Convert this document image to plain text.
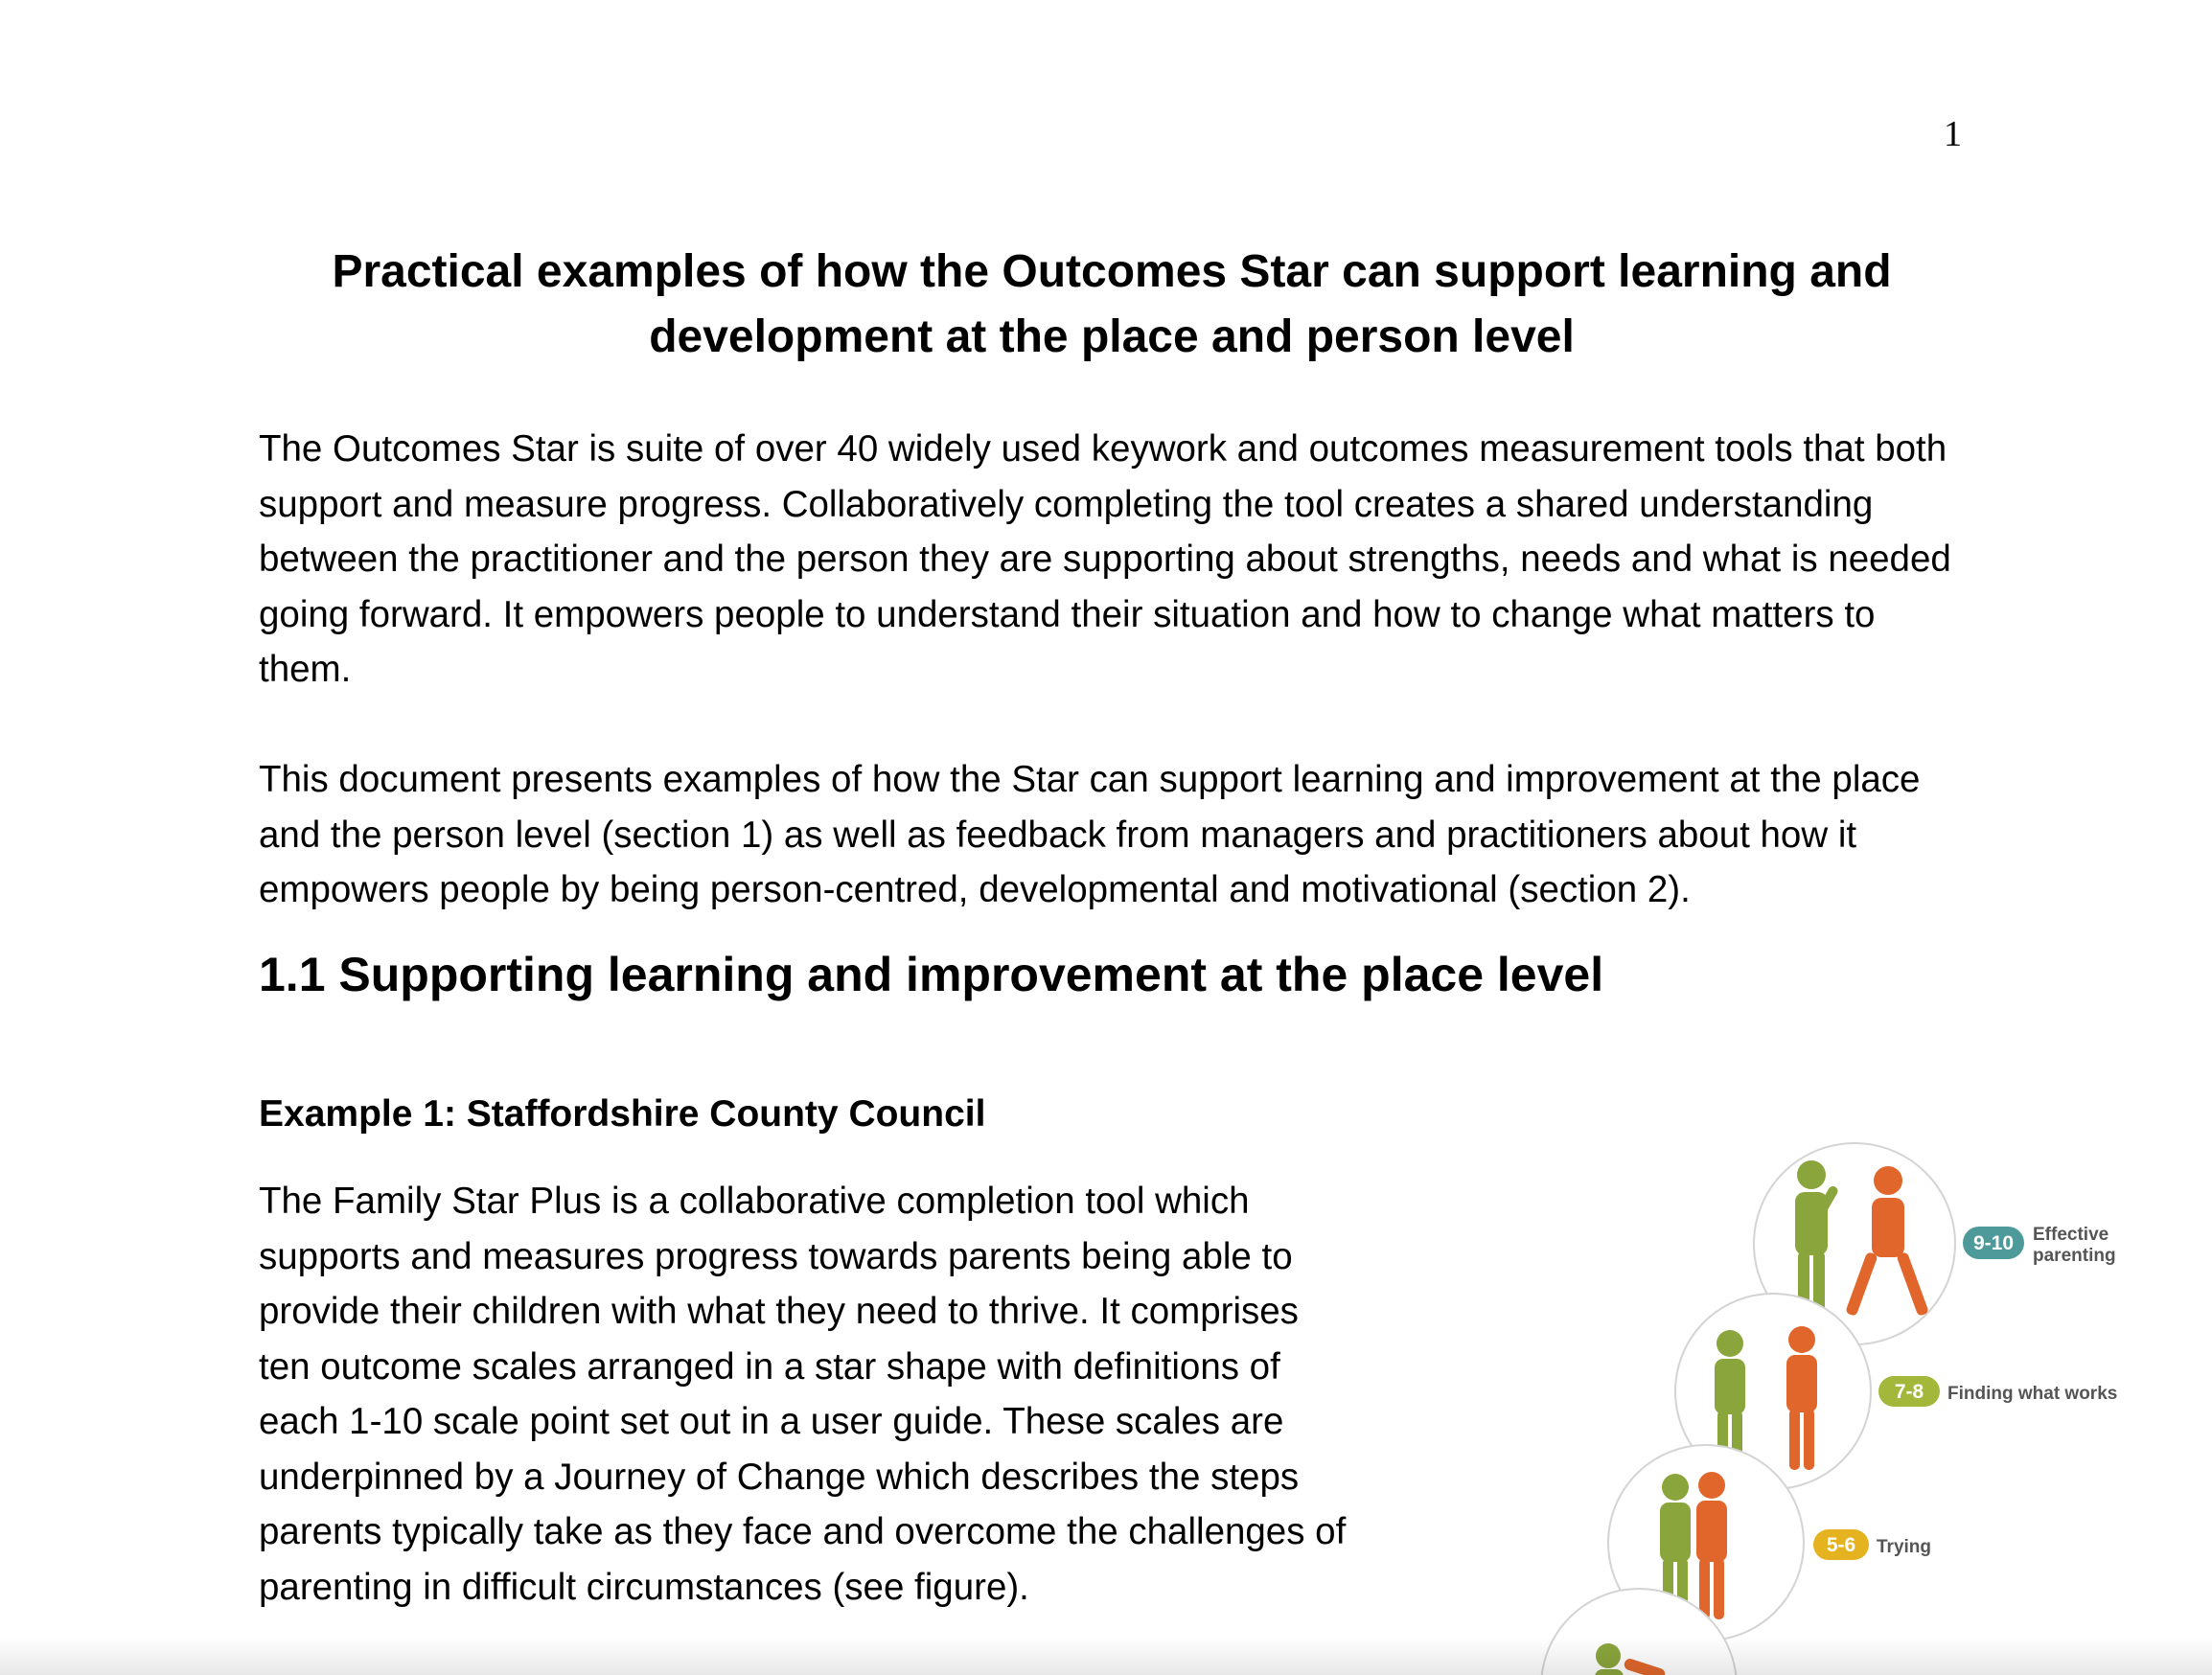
1
Practical examples of how the Outcomes Star can support learning and development at the place and person level
The Outcomes Star is suite of over 40 widely used keywork and outcomes measurement tools that both support and measure progress. Collaboratively completing the tool creates a shared understanding between the practitioner and the person they are supporting about strengths, needs and what is needed going forward. It empowers people to understand their situation and how to change what matters to them.
This document presents examples of how the Star can support learning and improvement at the place and the person level (section 1) as well as feedback from managers and practitioners about how it empowers people by being person-centred, developmental and motivational (section 2).
1.1 Supporting learning and improvement at the place level
Example 1: Staffordshire County Council
The Family Star Plus is a collaborative completion tool which supports and measures progress towards parents being able to provide their children with what they need to thrive. It comprises ten outcome scales arranged in a star shape with definitions of each 1-10 scale point set out in a user guide. These scales are underpinned by a Journey of Change which describes the steps parents typically take as they face and overcome the challenges of parenting in difficult circumstances (see figure).
9-10 Effective
parenting
7-8 Finding what works
5-6 Trying
